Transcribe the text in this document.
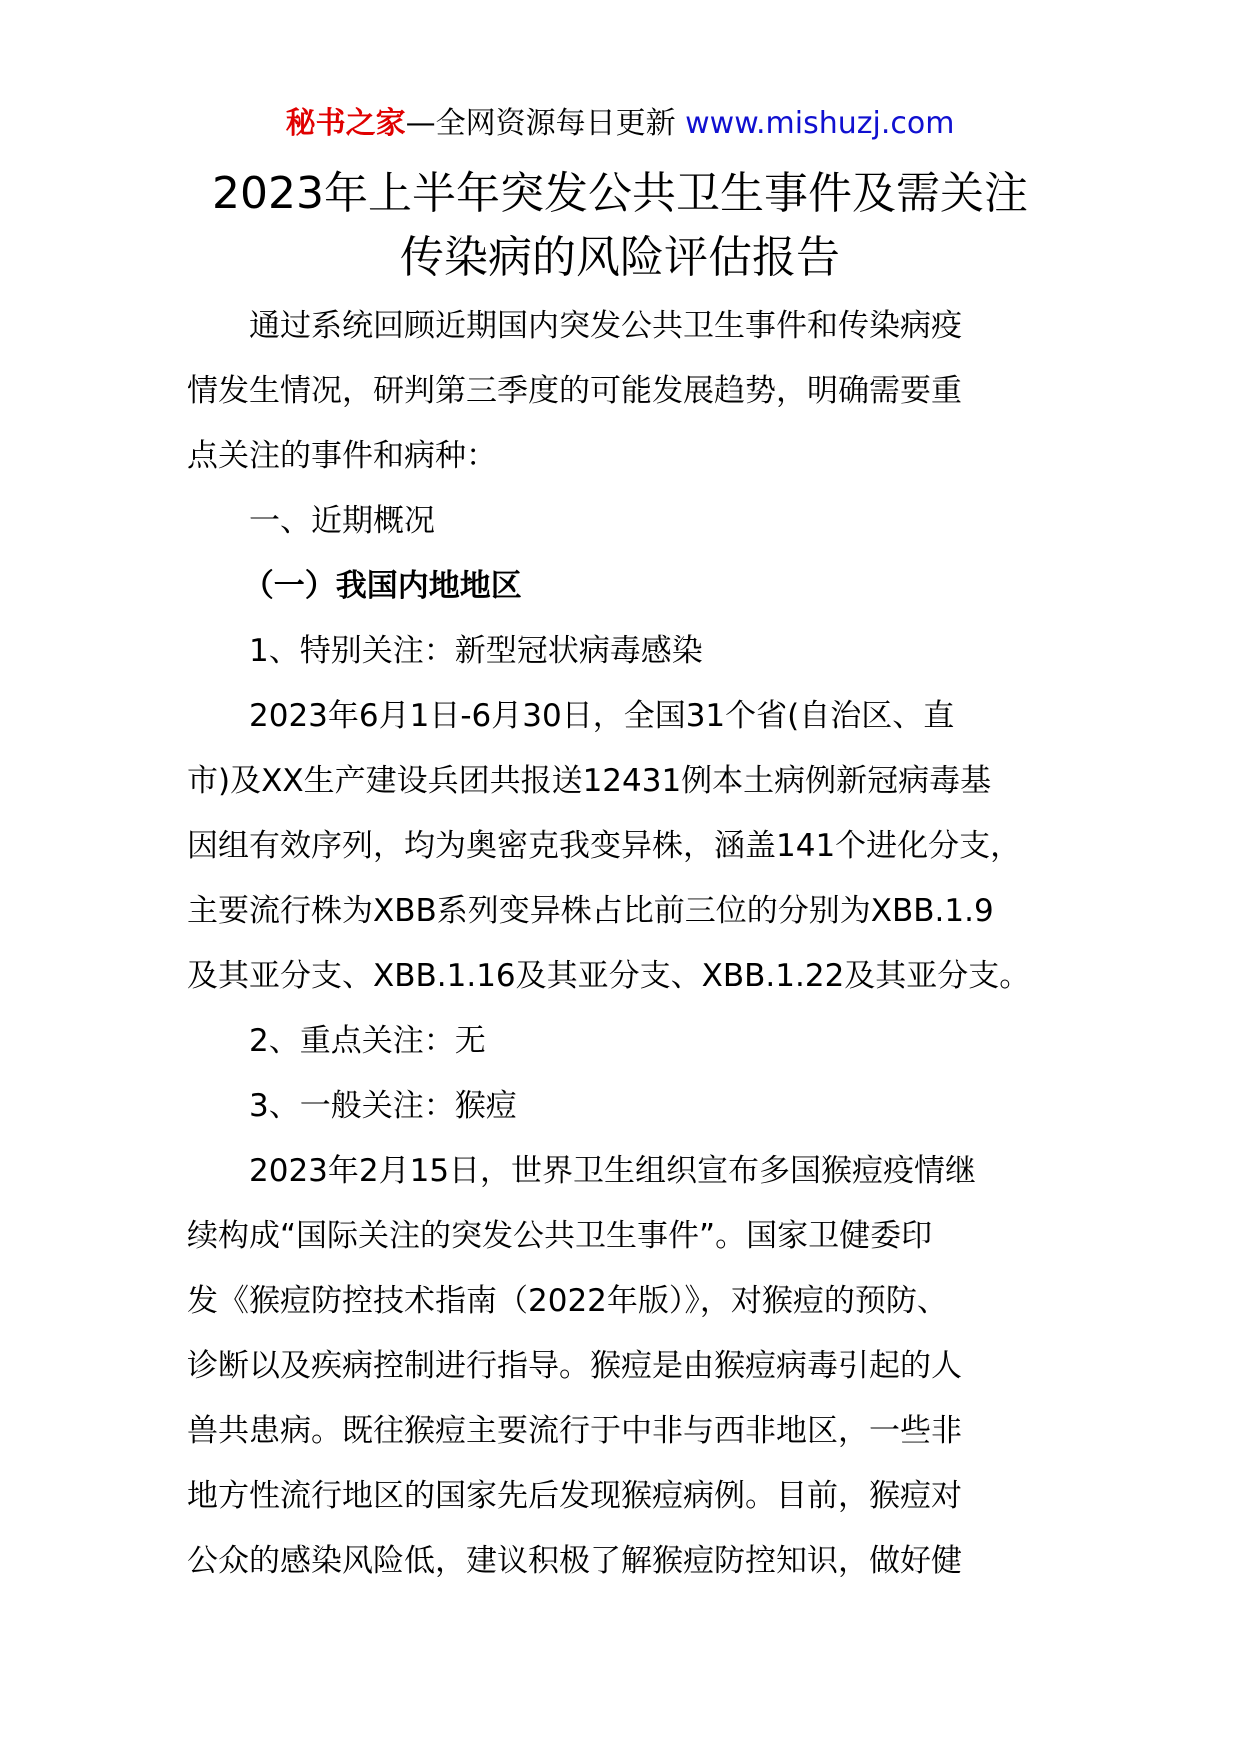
秘书之家—全网资源每日更新 www.mishuzj.com
2023年上半年突发公共卫生事件及需关注
传染病的风险评估报告

通过系统回顾近期国内突发公共卫生事件和传染病疫
情发生情况，研判第三季度的可能发展趋势，明确需要重
点关注的事件和病种：

一、近期概况

（一）我国内地地区

1、特别关注：新型冠状病毒感染

2023年6月1日-6月30日，全国31个省(自治区、直
市)及XX生产建设兵团共报送12431例本土病例新冠病毒基
因组有效序列，均为奥密克我变异株，涵盖141个进化分支，
主要流行株为XBB系列变异株占比前三位的分别为XBB.1.9
及其亚分支、XBB.1.16及其亚分支、XBB.1.22及其亚分支。

2、重点关注：无

3、一般关注：猴痘

2023年2月15日，世界卫生组织宣布多国猴痘疫情继
续构成“国际关注的突发公共卫生事件”。国家卫健委印
发《猴痘防控技术指南（2022年版）》，对猴痘的预防、
诊断以及疾病控制进行指导。猴痘是由猴痘病毒引起的人
兽共患病。既往猴痘主要流行于中非与西非地区，一些非
地方性流行地区的国家先后发现猴痘病例。目前，猴痘对
公众的感染风险低，建议积极了解猴痘防控知识，做好健
